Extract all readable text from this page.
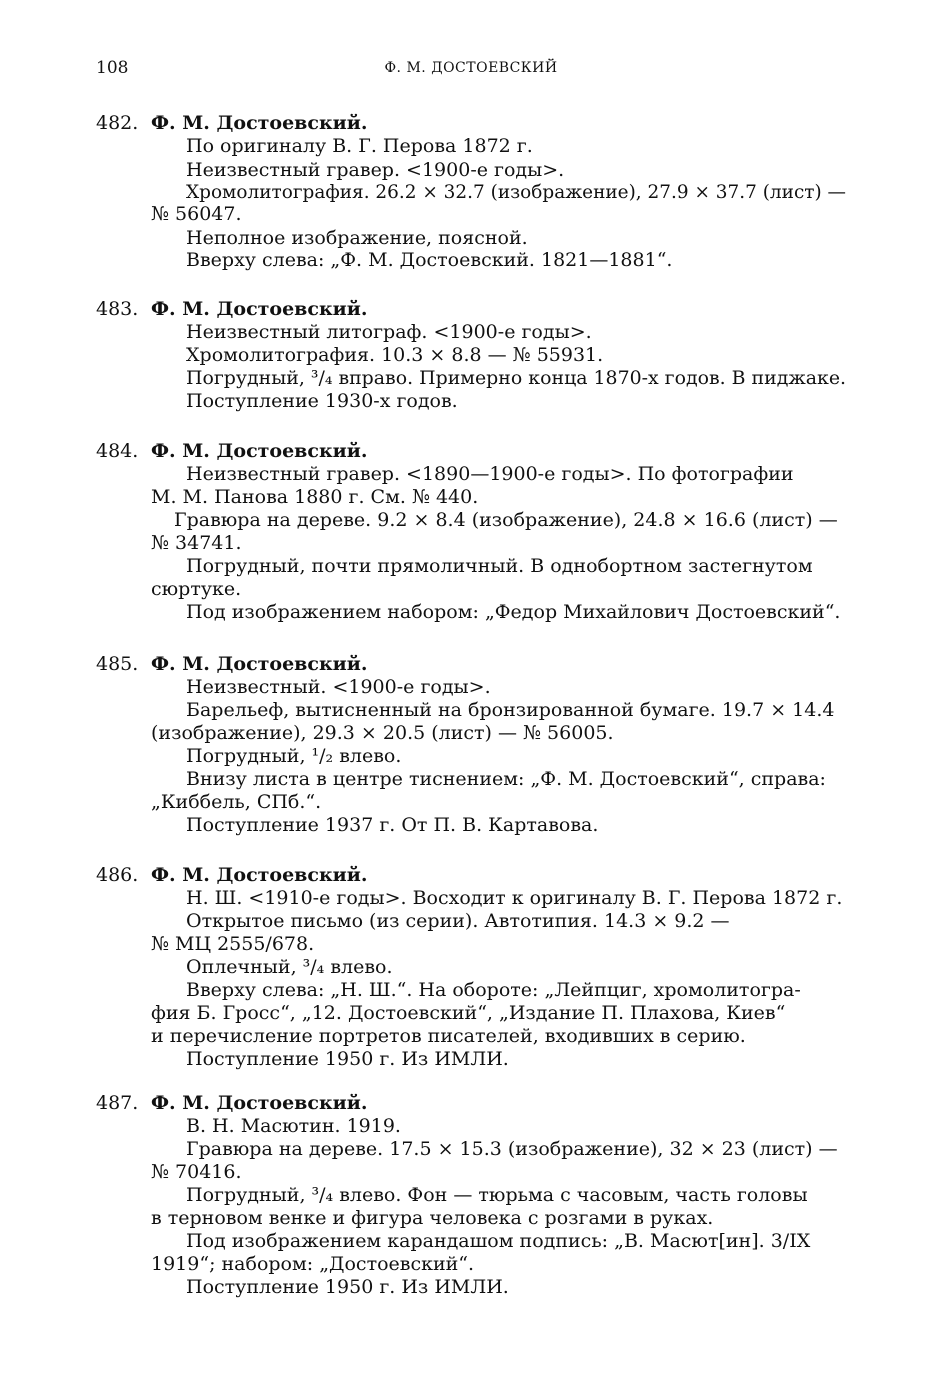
108	Ф. М. ДОСТОЕВСКИЙ
482. Ф. М. Достоевский.
По оригиналу В. Г. Перова 1872 г.
Неизвестный гравер. <1900-е годы>.
Хромолитография. 26.2 × 32.7 (изображение), 27.9 × 37.7 (лист) —
№ 56047.
Неполное изображение, поясной.
Вверху слева: „Ф. М. Достоевский. 1821—1881“.
483. Ф. М. Достоевский.
Неизвестный литограф. <1900-е годы>.
Хромолитография. 10.3 × 8.8 — № 55931.
Погрудный, ³/₄ вправо. Примерно конца 1870-х годов. В пиджаке.
Поступление 1930-х годов.
484. Ф. М. Достоевский.
Неизвестный гравер. <1890—1900-е годы>. По фотографии
М. М. Панова 1880 г. См. № 440.
Гравюра на дереве. 9.2 × 8.4 (изображение), 24.8 × 16.6 (лист) —
№ 34741.
Погрудный, почти прямоличный. В однобортном застегнутом
сюртуке.
Под изображением набором: „Федор Михайлович Достоевский“.
485. Ф. М. Достоевский.
Неизвестный. <1900-е годы>.
Барельеф, вытисненный на бронзированной бумаге. 19.7 × 14.4
(изображение), 29.3 × 20.5 (лист) — № 56005.
Погрудный, ¹/₂ влево.
Внизу листа в центре тиснением: „Ф. М. Достоевский“, справа:
„Киббель, СПб.“.
Поступление 1937 г. От П. В. Картавова.
486. Ф. М. Достоевский.
Н. Ш. <1910-е годы>. Восходит к оригиналу В. Г. Перова 1872 г.
Открытое письмо (из серии). Автотипия. 14.3 × 9.2 —
№ МЦ 2555/678.
Оплечный, ³/₄ влево.
Вверху слева: „Н. Ш.“. На обороте: „Лейпциг, хромолитогра-
фия Б. Гросс“, „12. Достоевский“, „Издание П. Плахова, Киев“
и перечисление портретов писателей, входивших в серию.
Поступление 1950 г. Из ИМЛИ.
487. Ф. М. Достоевский.
В. Н. Масютин. 1919.
Гравюра на дереве. 17.5 × 15.3 (изображение), 32 × 23 (лист) —
№ 70416.
Погрудный, ³/₄ влево. Фон — тюрьма с часовым, часть головы
в терновом венке и фигура человека с розгами в руках.
Под изображением карандашом подпись: „В. Масют[ин]. 3/IX
1919“; набором: „Достоевский“.
Поступление 1950 г. Из ИМЛИ.
